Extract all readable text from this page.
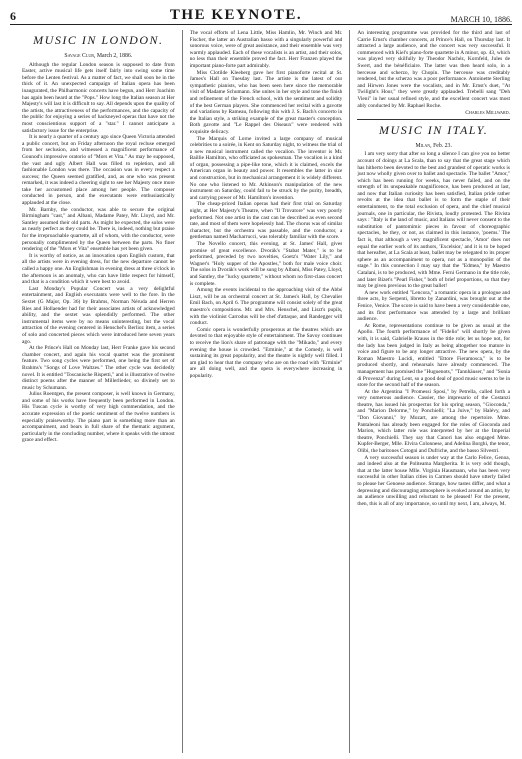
6	THE KEYNOTE.	MARCH 10, 1886.
MUSIC IN LONDON.
Savage Club, March 2, 1886.

Although the regular London season is supposed to date from Easter, active musical life gets itself fairly into swing some time before the Lenten festival. As a matter of fact, we shall soon be in the thick of it. An unexpected campaign of Italian opera has been inaugurated, the Philharmonic concerts have begun, and Herr Joachim has again been heard at the "Pops." How long the Italian season at Her Majesty's will last it is difficult to say. All depends upon the quality of the artists, the attractiveness of the performances, and the capacity of the public for enjoying a series of hackneyed operas that have not the most conscientious support of a "star." I cannot anticipate a satisfactory issue for the enterprise.

It is nearly a quarter of a century ago since Queen Victoria attended a public concert, but on Friday afternoon the royal recluse emerged from her seclusion, and witnessed a magnificent performance of Gounod's impressive oratorio of "Mors et Vita." As may be supposed, the vast and ugly Albert Hall was filled to repletion, and all fashionable London was there. The occasion was in every respect a success; the Queen seemed gratified, and, as one who was present remarked, it was indeed a cheering sight to see her Majesty once more take her accustomed place among her people. The composer conducted in person, and the executants were enthusiastically applauded at the close.

Mr. Barnby, the conductor, was able to secure the original Birmingham "cast," and Albani, Madame Patey, Mr. Lloyd, and Mr. Santley assumed their old parts. As might be expected, the solos were as nearly perfect as they could be. There is, indeed, nothing but praise for the irreproachable quartette, all of whom, with the conductor, were personally complimented by the Queen between the parts. No finer rendering of the "Mors et Vita" ensemble has yet been given.

It is worthy of notice, as an innovation upon English custom, that all the artists were in evening dress, for the new departure cannot be called a happy one. An Englishman in evening dress at three o'clock in the afternoon is an anomaly, who can have little respect for himself, and that is a condition which it were best to avoid.

Last Monday's Popular Concert was a very delightful entertainment, and English executants were well to the fore. In the Sextet (G Major, Op. 36) by Brahms, Norman Néruda and Herren Ries and Hollaender had for their associates artists of acknowledged ability, and the sextet was splendidly performed. The other instrumental items were by no means uninteresting, but the vocal attraction of the evening centered in Henschel's Berlioz item, a series of solo and concerted pieces which were introduced here seven years ago.

At the Prince's Hall on Monday last, Herr Franke gave his second chamber concert, and again his vocal quartet was the prominent feature. Two song cycles were performed, one being the first set of Brahms's "Songs of Love Waltzes." The other cycle was decidedly novel. It is entitled "Toscanische Rispetti," and is illustrative of twelve distinct poems after the manner of Millerlieder, so divinely set to music by Schumann.

Julius Roentgen, the present composer, is well known in Germany, and some of his works have frequently been performed in London. His Tuscan cycle is worthy of very high commendation, and the accurate expression of the poetic sentiment of the twelve numbers is especially praiseworthy. The piano part is something more than an accompaniment, and bears in full share of the thematic argument, particularly in the concluding number, where it speaks with the utmost grace and effect.

The vocal efforts of Lena Little, Miss Hamlin, Mr. Winch and Mr. Fischer, the latter an Australian basso with a singularly powerful and sonorous voice, were of great assistance, and their ensemble was very warmly applauded. Each of these vocalists is an artist, and their solos, no less than their ensemble proved the fact. Herr Franzen played the important piano-forte part admirably.

Miss Clotilde Kleeberg gave her first pianoforte recital at St. James's Hall on Tuesday last. The artiste is the latest of our sympathetic pianists, who has been seen here since the memorable visit of Madame Schumann. She unites in her style and tone the finish and refinement of the French school, with the sentiment and solidity of the best German players. She commenced her recital with a gavotte and variations by Rameau, following this with J. S. Bach's concerto in the Italian style, a striking example of the great master's conception. Both gavotte and "Le Rappel des Oiseaux" were rendered with exquisite delicacy.

The Marquis of Lorne invited a large company of musical celebrities to a soirée, in Kent on Saturday night, to witness the trial of a new musical instrument called the vocalion. The inventor is Mr. Baillie Hamilton, who officiated as spokesman. The vocalion is a kind of organ, possessing a pipe-like tone, which it is claimed, excels the American organ in beauty and power. It resembles the latter in size and construction, but in mechanical arrangement it is widely different. No one who listened to Mr. Atkinson's manipulation of the new instrument on Saturday, could fail to be struck by the purity, breadth, and carrying power of Mr. Hamilton's invention.

The cheap-priced Italian operas had their first trial on Saturday night, at Her Majesty's Theatre, when "Il Trovatore" was very poorly performed. Not one artist in the cast can be described as even second rate, and most of them were hopelessly bad. The chorus was of similar character, but the orchestra was passable, and the conductor, a gentleman named Macharrucci, was tolerably familiar with the score.

The Novello concert, this evening, at St. James' Hall, gives promise of great excellence. Dvorák's "Stabat Mater," is to be performed, preceded by two novelties, Goetz's "Water Lily," and Wagner's "Holy supper of the Apostles," both for male voice choir. The solos in Dvorák's work will be sung by Albani, Miss Patey, Lloyd, and Santley, the "lucky quartette," without whom no first-class concert is complete.

Among the events incidental to the approaching visit of the Abbé Liszt, will be an orchestral concert at St. James's Hall, by Chevalier Emil Bach, on April 6. The programme will consist solely of the great maestro's compositions. Mr. and Mrs. Henschel, and Liszt's pupils, with the violinist Carrodus will be chef d'attaque, and Randegger will conduct.

Comic opera is wonderfully prosperous at the theatres which are devoted to that enjoyable style of entertainment. The Savoy continues to receive the lion's share of patronage with the "Mikado," and every evening the house is crowded. "Erminie," at the Comedy, is well sustaining its great popularity, and the theatre is nightly well filled. I am glad to hear that the company who are on the road with "Erminie" are all doing well, and the opera is everywhere increasing in popularity.

An interesting programme was provided for the third and last of Carrie Ernst's chamber concerts, at Prince's Hall, on Thursday last. It attracted a large audience, and the concert was very successful. It commenced with Kiel's piano-forte quartette in A minor, op. 43, which was played very skilfully by Theodor Nachéz, Kornfeld, Jules de Swert, and the bénéficiaire. The latter was then heard solo, in a berceuse and scherzo, by Chopin. The berceuse was creditably rendered, but the scherzo was a poor performance. Antoinette Sterling and Hirwen Jones were the vocalists, and in Mr. Ernst's duet, "At Twilight's Hour," they were greatly applauded. Trebelli sang "Deh Vieni" in her usual refined style, and the excellent concert was most ably conducted by Mr. Raphael Roche.

Charles Millward.
MUSIC IN ITALY.
Milan, Feb. 23.

I am very sorry that after so long a silence I can give you no better account of doings at La Scala, than to say that the great stage which has hitherto been devoted to the best and grandest of operatic works is just now wholly given over to ballet and spectacle. The ballet "Amor," which has been running for weeks, has never failed, and on the strength of its unspeakable magnificence, has been produced at last, and now that Italian curiosity has been satisfied, Italian pride rather revolts at the idea that ballet is to form the staple of their entertainment, to the total exclusion of opera, and the chief musical journals, one in particular, the Rivista, loudly protested. The Rivista says : "Italy is the land of music, and Italians will never consent to the substitution of pantomimic pieces in favour of choreographic spectacles, be they, or not, as claimed in this instance, 'poems.' The fact is, that although a very magnificent spectacle, 'Amor' does not equal the earlier work of its authors, 'Excelsior,' and it is to be hoped that hereafter, at La Scala at least, ballet may be relegated to its proper sphere as an accompaniment to opera, not as a monopolist of the stage." In this connection I may say that the "Edmea," by Maestro Catalani, is to be produced, with Mme. Ferni Germano in the title role, and later Bizet's "Pearl Fisher," both of brief proportions, so that they may be given previous to the great ballet!

A new work entitled "Lencora," a romantic opera in a prologue and three acts, by Serpenti, libretto by Zanardini, was brought out at the Fenice, Venice. The score is said to have been a very considerable one, and its first performance was attended by a large and brilliant audience.

At Rome, representations continue to be given as usual at the Apollo. The fourth performance of "Fidelio" will shortly be given with, it is said, Gabrielle Krauss in the title role; let us hope not, for the lady has been judged in Italy as being altogether too mature in voice and figure to be any longer attractive. The new opera, by the Roman Maestro Lucidi, entitled "Ettore Fieramosca," is to be produced shortly, and rehearsals have already commenced. The management has promised the "Huguenots," "Tannhäuser," and "Sonia di Provenza" during Lent, so a good deal of good music seems to be in store for the second half of the season.

At the Argentina "I Promessi Sposi," by Petrella, called forth a very numerous audience. Cassier, the impresario of the Costanzi theatre, has issued his prospectus for his spring season, "Gioconda," and "Marion Delorme," by Ponchielli; "La Juive," by Halévy, and "Don Giovanni," by Mozart, are among the repertoire. Mme. Pantaleoni has already been engaged for the roles of Gioconda and Marion, which latter role was interpreted by her at the Imperial theatre, Ponchielli. They say that Canori has also engaged Mme. Kupfer-Berger, Mlle. Elvira Colonnese, and Adelina Borghi, the tenor, Olibi, the baritones Cotogni and Dufriche, and the basso Silvestri.

A very successful season is under way at the Carlo Felice, Genoa, and indeed also at the Politeama Margherita. It is very odd though, that at the latter house Mlle. Virginia Hausmann, who has been very successful in other Italian cities in Carmen should have utterly failed to please her Genoese audience. Strange, how tastes differ, and what a depressing and discouraging atmosphere is evoked around an artist, by an audience unwilling and reluctant to be pleased! For the present, then, this is all of any importance, so until my next, I am, always, M.
